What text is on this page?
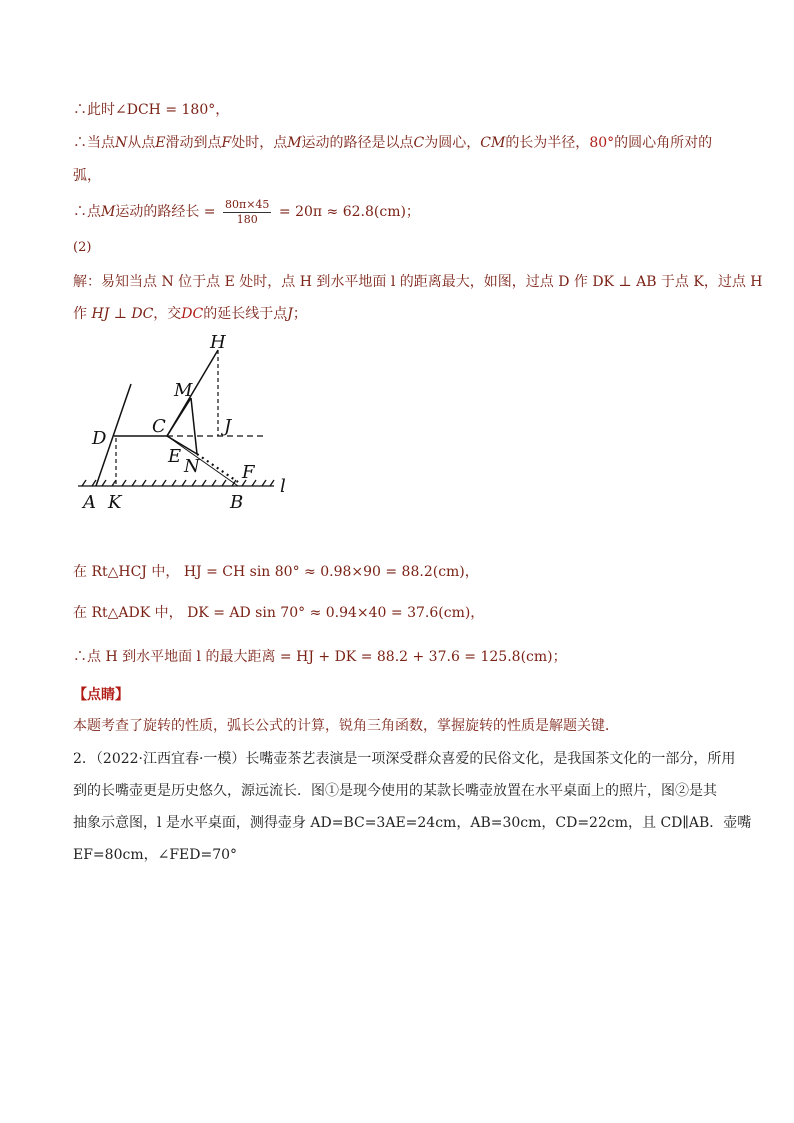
∴此时∠DCH = 180°，
∴当点N从点E滑动到点F处时，点M运动的路径是以点C为圆心，CM的长为半径，80°的圆心角所对的
弧，
∴点M运动的路经长 = $\frac{80\pi\times 45}{180} = 20\pi \approx 62.8(cm)$；
(2)
解：易知当点 N 位于点 E 处时，点 H 到水平地面 l 的距离最大，如图，过点 D 作 DK ⊥ AB 于点 K，过点 H
作 HJ ⊥ DC，交DC的延长线于点J；
H
M
C	J
D
E N F
l
A K	B
在 Rt△HCJ 中， HJ = CH sin 80° ≈ 0.98×90 = 88.2(cm)，
在 Rt△ADK 中， DK = AD sin 70° ≈ 0.94×40 = 37.6(cm)，
∴点 H 到水平地面 l 的最大距离 = HJ + DK = 88.2 + 37.6 = 125.8(cm)；
【点睛】
本题考查了旋转的性质，弧长公式的计算，锐角三角函数，掌握旋转的性质是解题关键．
2．（2022·江西宜春·一模）长嘴壶茶艺表演是一项深受群众喜爱的民俗文化，是我国茶文化的一部分，所用
到的长嘴壶更是历史悠久，源远流长．图①是现今使用的某款长嘴壶放置在水平桌面上的照片，图②是其
抽象示意图，l 是水平桌面，测得壶身 AD=BC=3AE=24cm，AB=30cm，CD=22cm，且 CD∥AB．壶嘴
EF=80cm，∠FED=70°
